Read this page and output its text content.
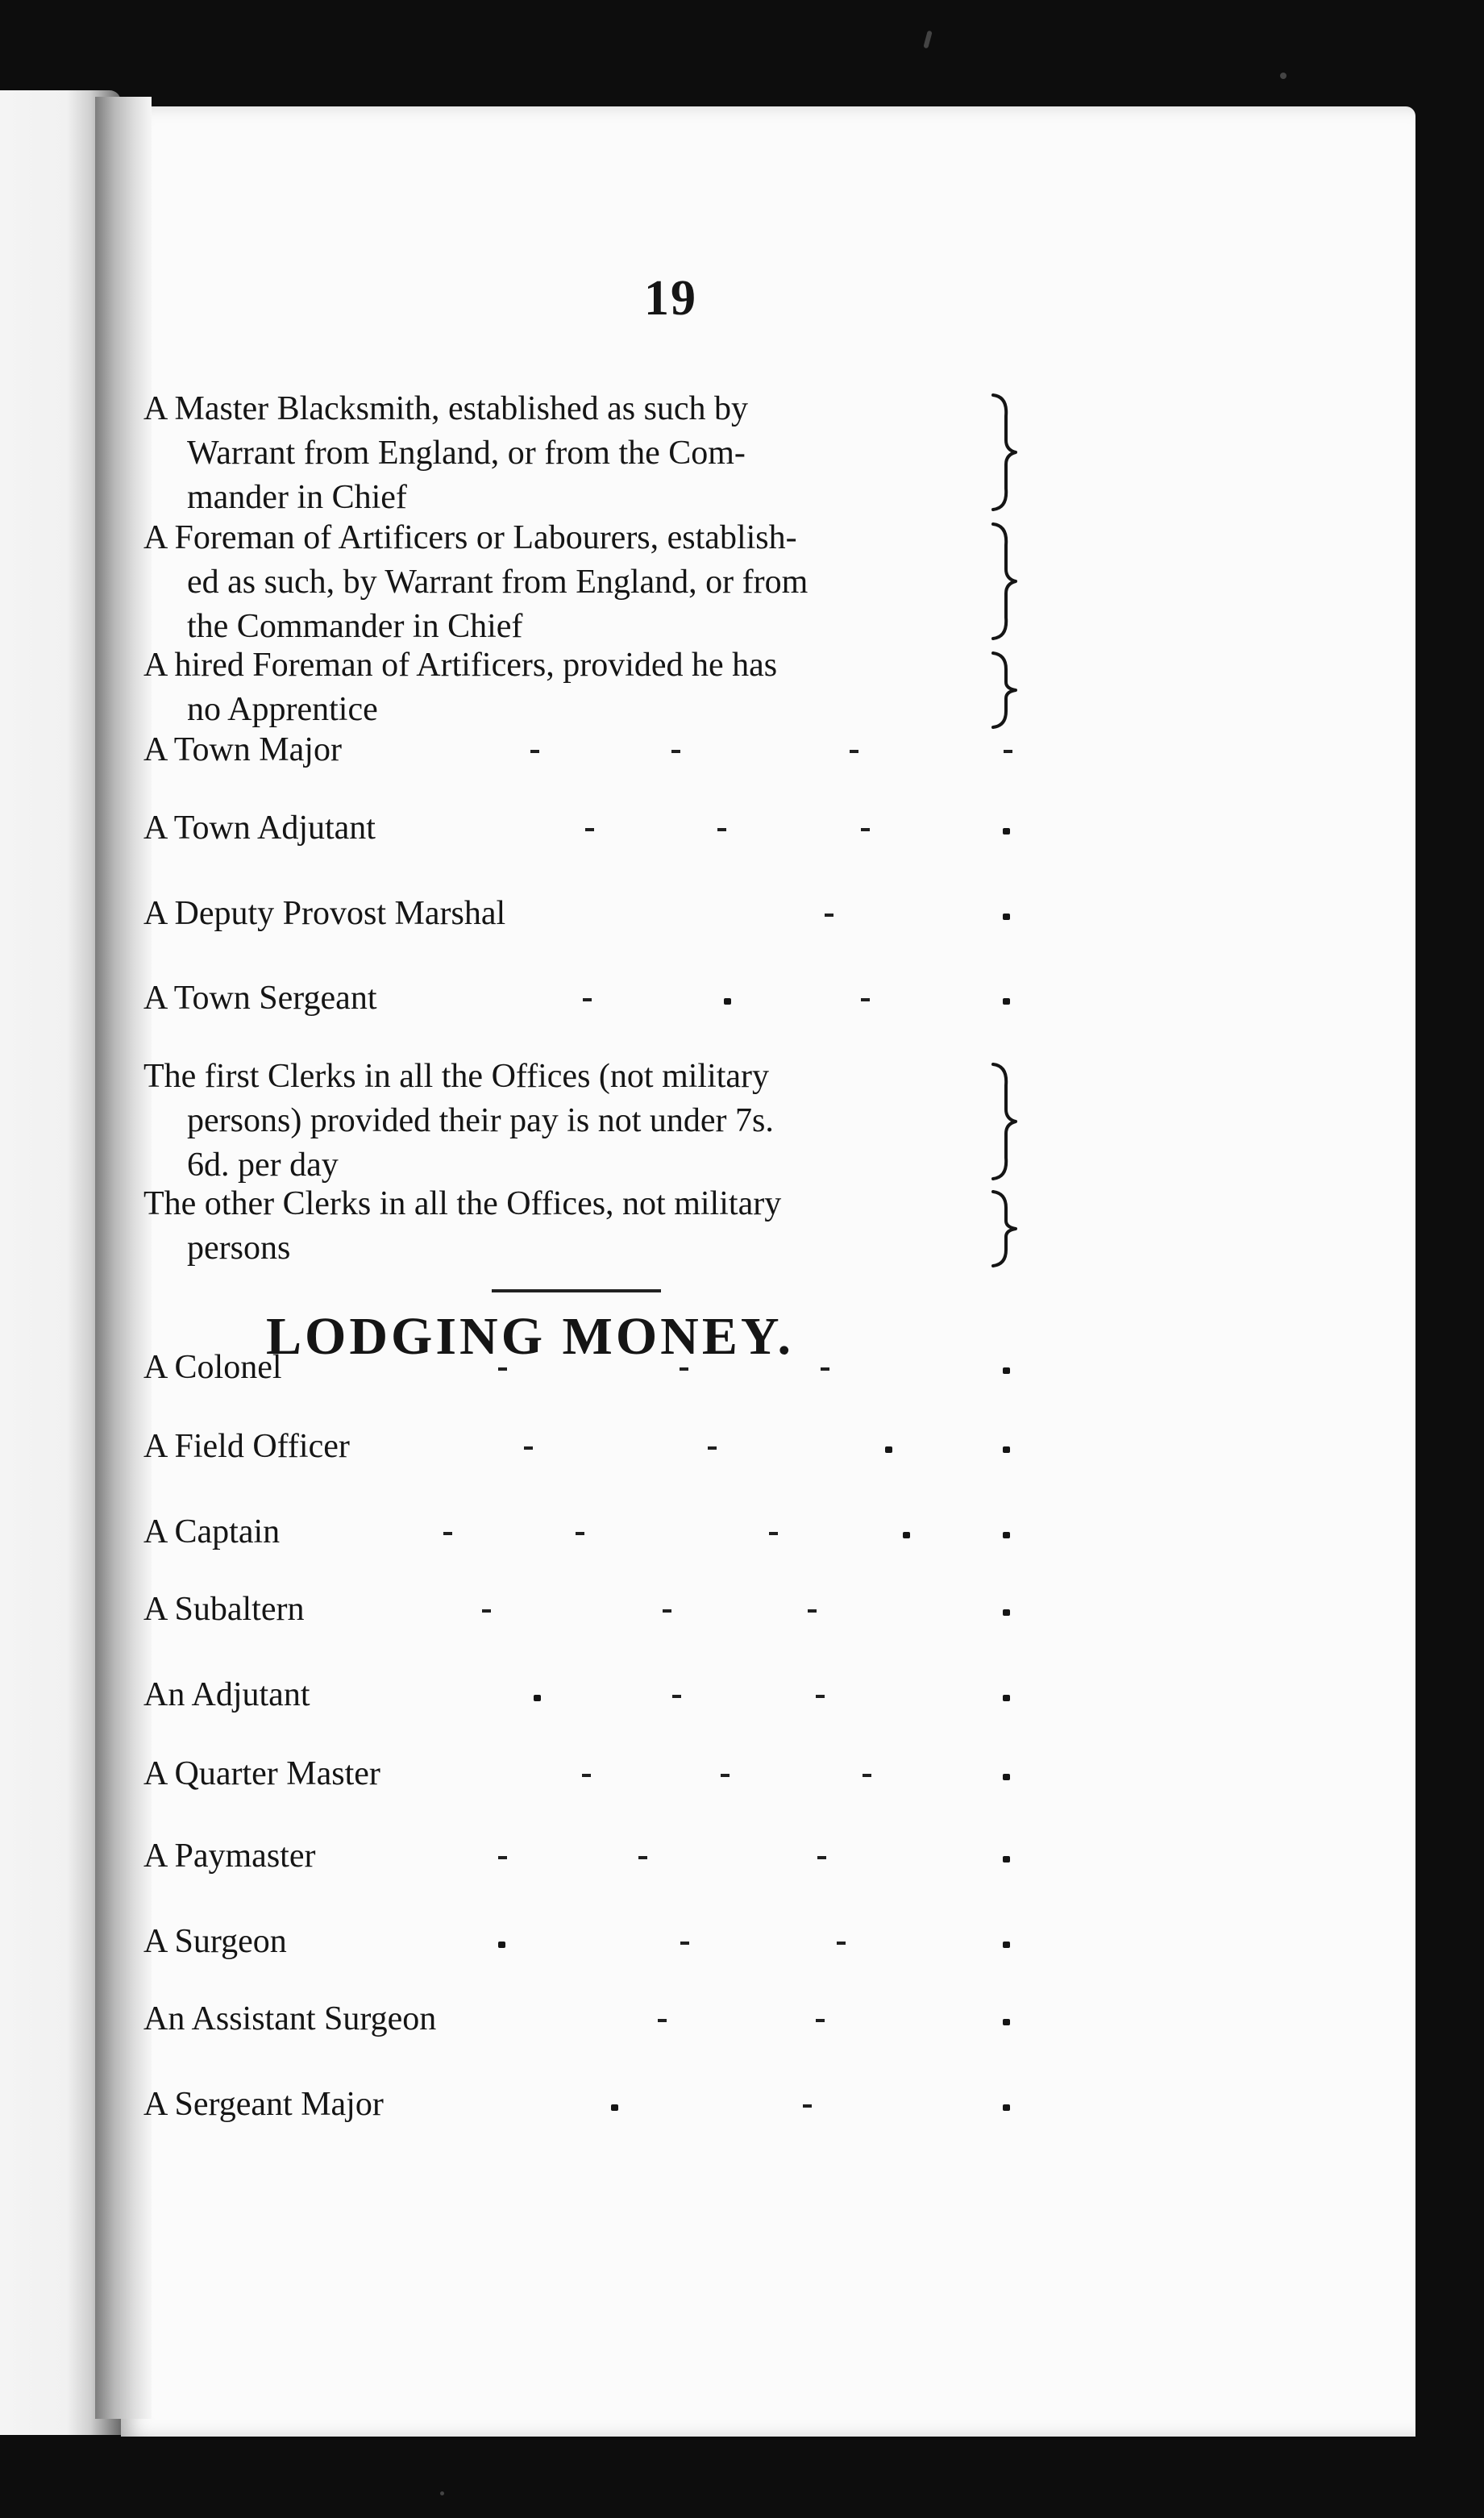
19
A Master Blacksmith, established as such by
Warrant from England, or from the Com-
mander in Chief
A Foreman of Artificers or Labourers, establish-
ed as such, by Warrant from England, or from
the Commander in Chief
A hired Foreman of Artificers, provided he has
no Apprentice
A Town Major
A Town Adjutant
A Deputy Provost Marshal
A Town Sergeant
The first Clerks in all the Offices (not military
persons) provided their pay is not under 7s.
6d. per day
The other Clerks in all the Offices, not military
persons
LODGING MONEY.
A Colonel
A Field Officer
A Captain
A Subaltern
An Adjutant
A Quarter Master
A Paymaster
A Surgeon
An Assistant Surgeon
A Sergeant Major
